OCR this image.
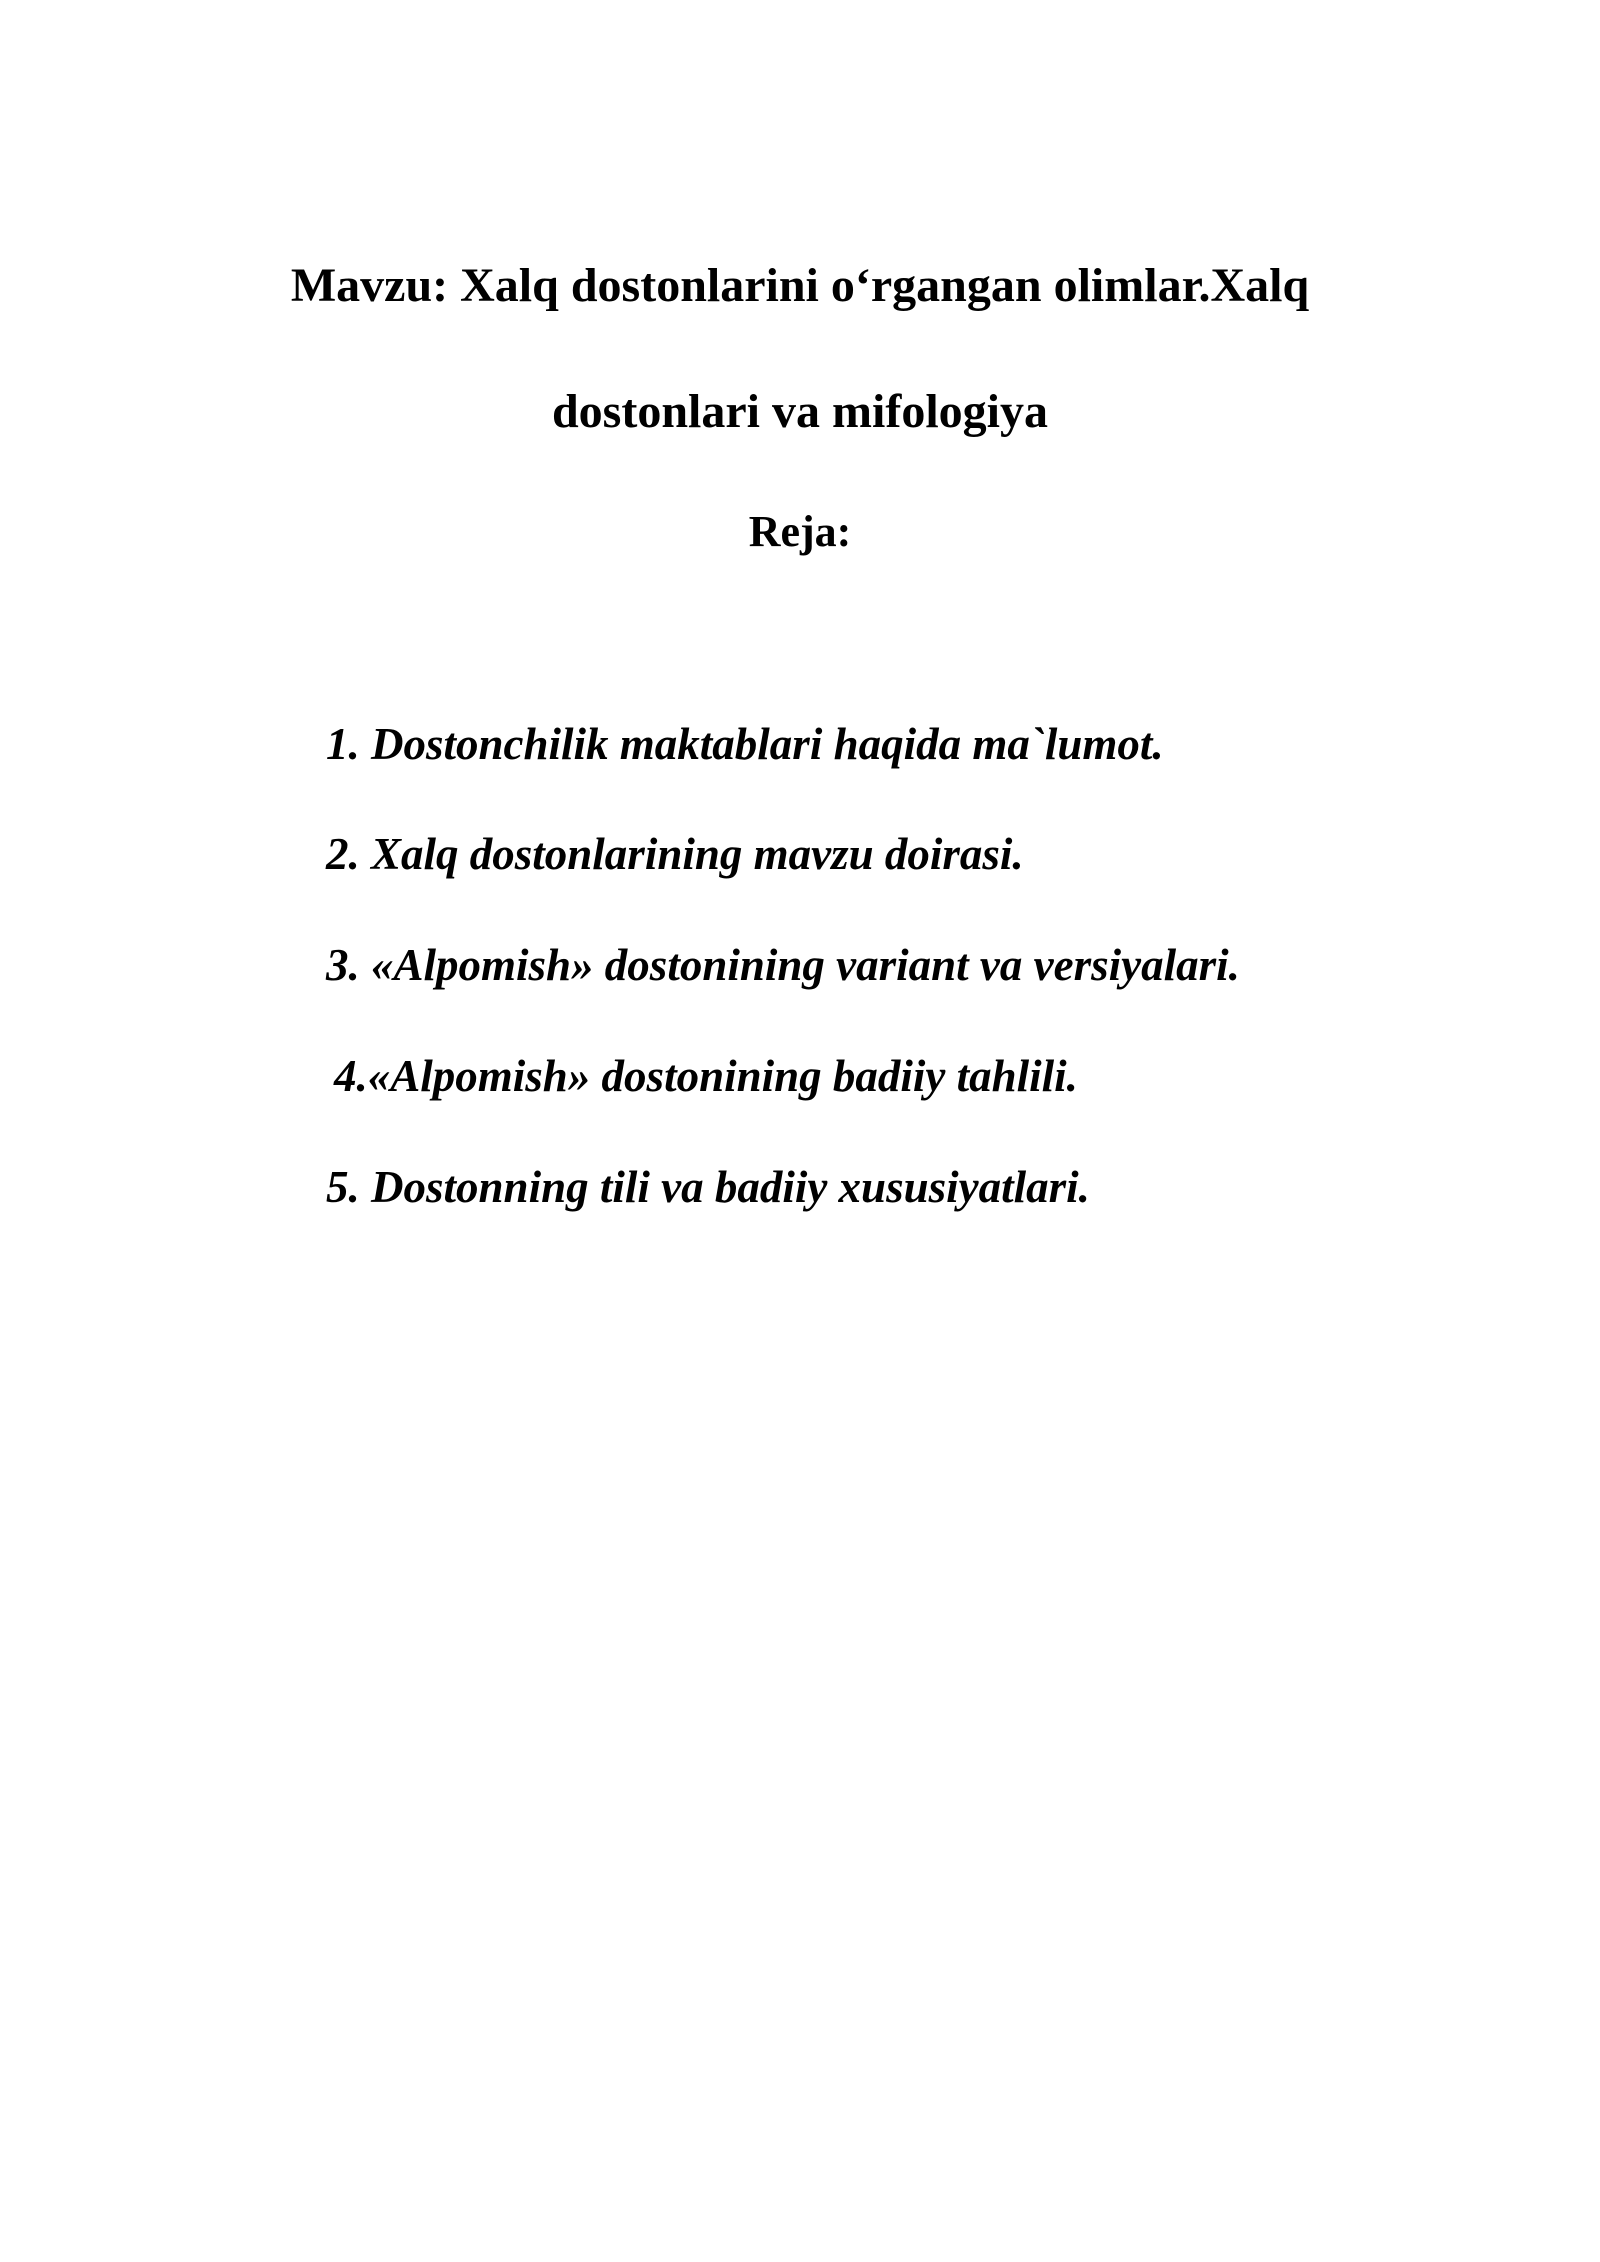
Mavzu: Xalq dostonlarini o‘rgangan olimlar.Xalq
dostonlari va mifologiya
Reja:
1. Dostonchilik maktablari haqida ma`lumot.
2. Xalq dostonlarining mavzu doirasi.
3. «Alpomish» dostonining variant va versiyalari.
4.«Alpomish» dostonining badiiy tahlili.
5. Dostonning tili va badiiy xususiyatlari.
